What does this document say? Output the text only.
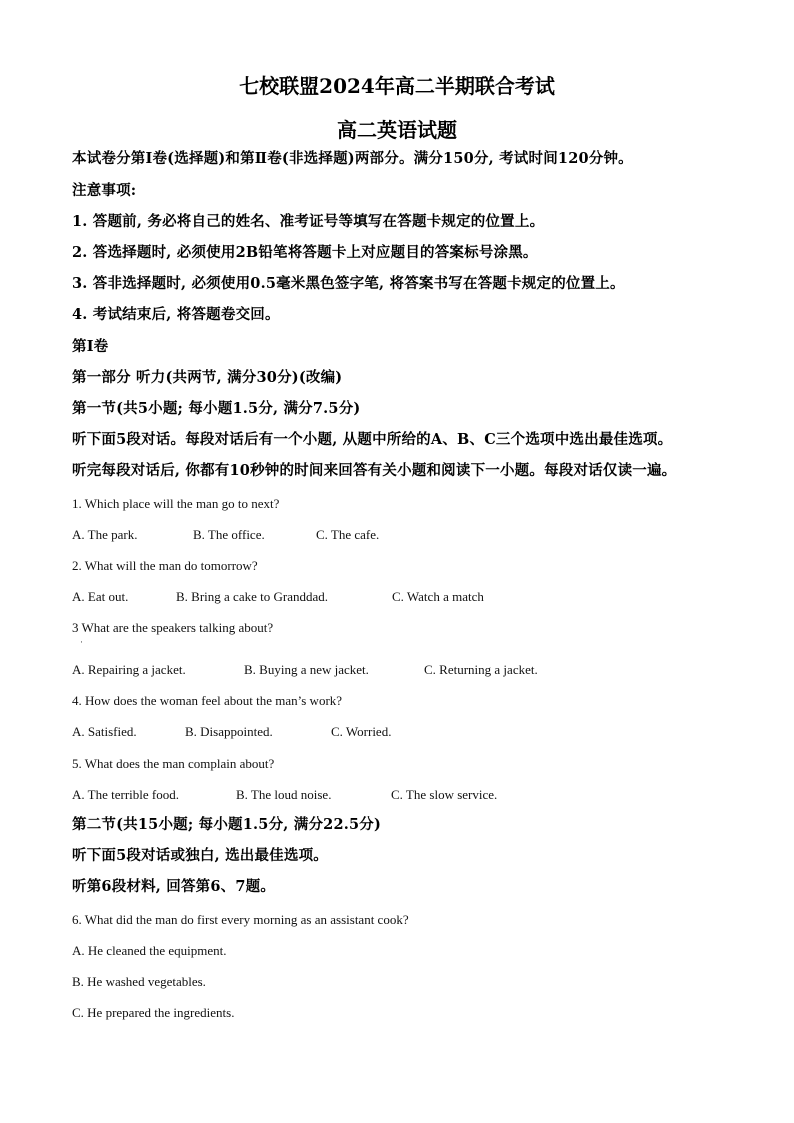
七校联盟2024年高二半期联合考试
高二英语试题
本试卷分第Ⅰ卷(选择题)和第Ⅱ卷(非选择题)两部分。满分150分, 考试时间120分钟。
注意事项:
1. 答题前, 务必将自己的姓名、准考证号等填写在答题卡规定的位置上。
2. 答选择题时, 必须使用2B铅笔将答题卡上对应题目的答案标号涂黑。
3. 答非选择题时, 必须使用0.5毫米黑色签字笔, 将答案书写在答题卡规定的位置上。
4. 考试结束后, 将答题卷交回。
第Ⅰ卷
第一部分 听力(共两节, 满分30分)(改编)
第一节(共5小题; 每小题1.5分, 满分7.5分)
听下面5段对话。每段对话后有一个小题, 从题中所给的A、B、C三个选项中选出最佳选项。
听完每段对话后, 你都有10秒钟的时间来回答有关小题和阅读下一小题。每段对话仅读一遍。
1. Which place will the man go to next?
A. The park.	B. The office.	C. The cafe.
2. What will the man do tomorrow?
A. Eat out.	B. Bring a cake to Granddad.	C. Watch a match
3 What are the speakers talking about?
·
A. Repairing a jacket.	B. Buying a new jacket.	C. Returning a jacket.
4. How does the woman feel about the man’s work?
A. Satisfied.	B. Disappointed.	C. Worried.
5. What does the man complain about?
A. The terrible food.	B. The loud noise.	C. The slow service.
第二节(共15小题; 每小题1.5分, 满分22.5分)
听下面5段对话或独白, 选出最佳选项。
听第6段材料, 回答第6、7题。
6. What did the man do first every morning as an assistant cook?
A. He cleaned the equipment.
B. He washed vegetables.
C. He prepared the ingredients.
